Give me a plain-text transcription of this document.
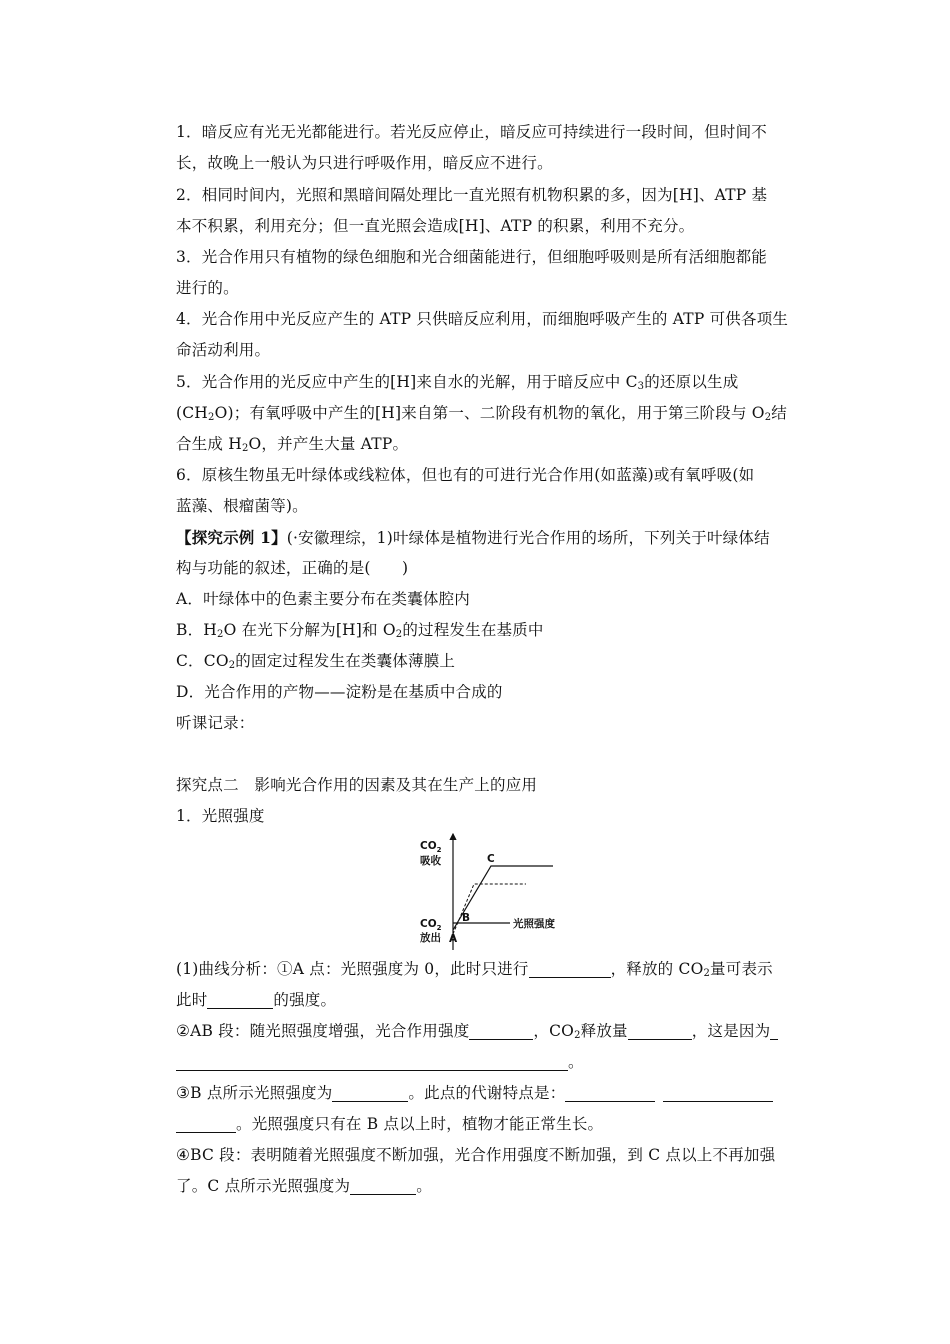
1．暗反应有光无光都能进行。若光反应停止，暗反应可持续进行一段时间，但时间不
长，故晚上一般认为只进行呼吸作用，暗反应不进行。
2．相同时间内，光照和黑暗间隔处理比一直光照有机物积累的多，因为[H]、ATP 基
本不积累，利用充分；但一直光照会造成[H]、ATP 的积累，利用不充分。
3．光合作用只有植物的绿色细胞和光合细菌能进行，但细胞呼吸则是所有活细胞都能
进行的。
4．光合作用中光反应产生的 ATP 只供暗反应利用，而细胞呼吸产生的 ATP 可供各项生
命活动利用。
5．光合作用的光反应中产生的[H]来自水的光解，用于暗反应中 $C_3$的还原以生成
$(CH_2O)$；有氧呼吸中产生的[H]来自第一、二阶段有机物的氧化，用于第三阶段与 $O_2$结
合生成 $H_2O$，并产生大量 ATP。
6．原核生物虽无叶绿体或线粒体，但也有的可进行光合作用(如蓝藻)或有氧呼吸(如
蓝藻、根瘤菌等)。
【探究示例 1】(·安徽理综，1)叶绿体是植物进行光合作用的场所，下列关于叶绿体结
构与功能的叙述，正确的是(　　)
A．叶绿体中的色素主要分布在类囊体腔内
B．$H_2O$ 在光下分解为[H]和 $O_2$的过程发生在基质中
C．$CO_2$的固定过程发生在类囊体薄膜上
D．光合作用的产物——淀粉是在基质中合成的
听课记录：
探究点二　影响光合作用的因素及其在生产上的应用
1．光照强度
$CO_2$
吸收
$CO_2$
放出
光照强度
A
B
C
(1)曲线分析：①A 点：光照强度为 0，此时只进行	，释放的 $CO_2$量可表示
此时	的强度。
②AB 段：随光照强度增强，光合作用强度	，$CO_2$释放量	，这是因为
。
③B 点所示光照强度为	。此点的代谢特点是：
。光照强度只有在 B 点以上时，植物才能正常生长。
④BC 段：表明随着光照强度不断加强，光合作用强度不断加强，到 C 点以上不再加强
了。C 点所示光照强度为	。
